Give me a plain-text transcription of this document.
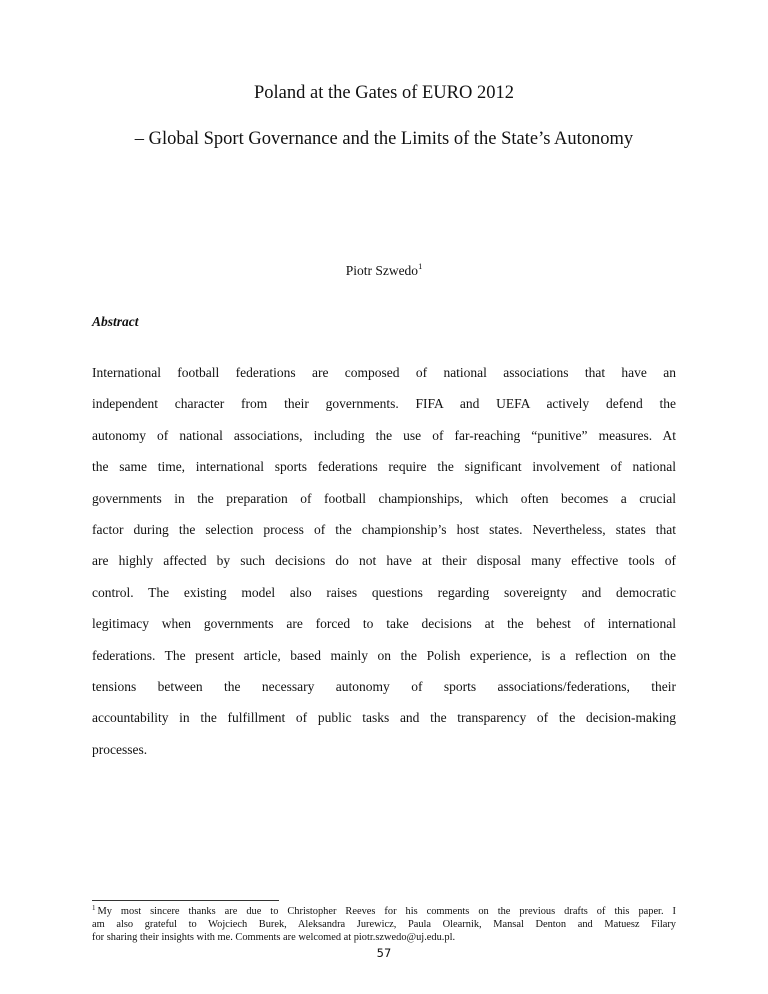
Poland at the Gates of EURO 2012
– Global Sport Governance and the Limits of the State’s Autonomy
Piotr Szwedo$^1$
Abstract
International football federations are composed of national associations that have an
independent character from their governments. FIFA and UEFA actively defend the
autonomy of national associations, including the use of far-reaching “punitive” measures. At
the same time, international sports federations require the significant involvement of national
governments in the preparation of football championships, which often becomes a crucial
factor during the selection process of the championship’s host states. Nevertheless, states that
are highly affected by such decisions do not have at their disposal many effective tools of
control. The existing model also raises questions regarding sovereignty and democratic
legitimacy when governments are forced to take decisions at the behest of international
federations. The present article, based mainly on the Polish experience, is a reflection on the
tensions between the necessary autonomy of sports associations/federations, their
accountability in the fulfillment of public tasks and the transparency of the decision-making
processes.
$^1$ My most sincere thanks are due to Christopher Reeves for his comments on the previous drafts of this paper. I
am also grateful to Wojciech Burek, Aleksandra Jurewicz, Paula Olearnik, Mansal Denton and Matuesz Filary
for sharing their insights with me. Comments are welcomed at piotr.szwedo@uj.edu.pl.
57
